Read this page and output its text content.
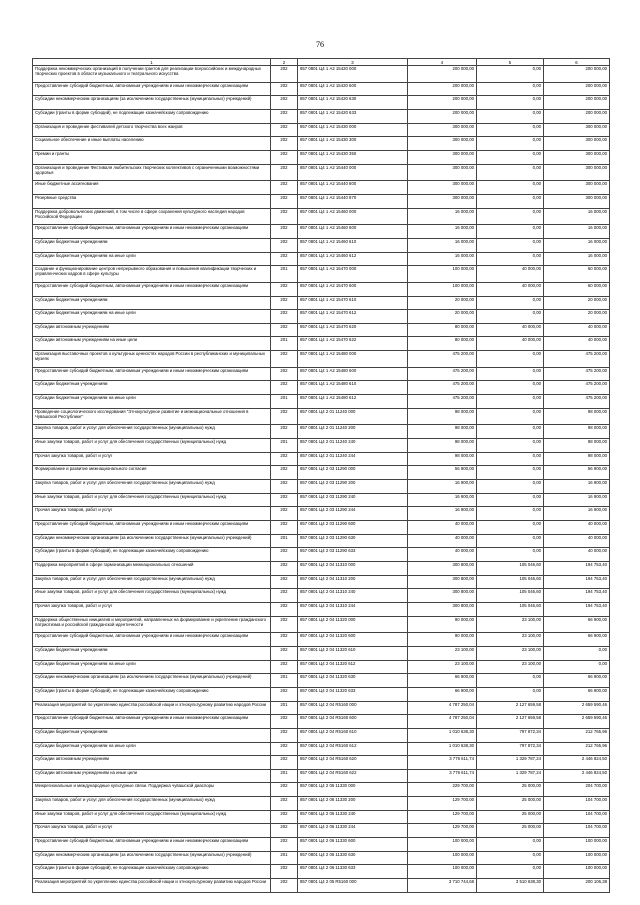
76
1	2	3	4	5	6
Поддержка некоммерческих организаций в получении грантов для реализации всероссийских и международных творческих проектов в области музыкального и театрального искусства	202	857 0801 Ц4 1 А2 15420 000	200 000,00	0,00	200 000,00
Предоставление субсидий бюджетным, автономным учреждениям и иным некоммерческим организациям	202	857 0801 Ц4 1 А2 15420 600	200 000,00	0,00	200 000,00
Субсидии некоммерческим организациям (за исключением государственных (муниципальных) учреждений)	202	857 0801 Ц4 1 А2 15420 630	200 000,00	0,00	200 000,00
Субсидии (гранты в форме субсидий), не подлежащие казначейскому сопровождению	202	857 0801 Ц4 1 А2 15420 633	200 000,00	0,00	200 000,00
Организация и проведение фестивалей детского творчества всех жанров	202	857 0801 Ц4 1 А2 15430 000	300 000,00	0,00	300 000,00
Социальное обеспечение и иные выплаты населению	202	857 0801 Ц4 1 А2 15430 300	300 000,00	0,00	300 000,00
Премии и гранты	202	857 0801 Ц4 1 А2 15430 350	300 000,00	0,00	300 000,00
Организация и проведение Фестиваля любительских творческих коллективов с ограниченными возможностями здоровья	202	857 0801 Ц4 1 А2 15440 000	300 000,00	0,00	300 000,00
Иные бюджетные ассигнования	202	857 0801 Ц4 1 А2 15440 800	300 000,00	0,00	300 000,00
Резервные средства	202	857 0801 Ц4 1 А2 15440 870	300 000,00	0,00	300 000,00
Поддержка добровольческих движений, в том числе в сфере сохранения культурного наследия народов Российской Федерации	202	857 0801 Ц4 1 А2 15460 000	16 000,00	0,00	16 000,00
Предоставление субсидий бюджетным, автономным учреждениям и иным некоммерческим организациям	202	857 0801 Ц4 1 А2 15460 600	16 000,00	0,00	16 000,00
Субсидии бюджетным учреждениям	202	857 0801 Ц4 1 А2 15460 610	16 000,00	0,00	16 000,00
Субсидии бюджетным учреждениям на иные цели	202	857 0801 Ц4 1 А2 15460 612	16 000,00	0,00	16 000,00
Создание и функционирование центров непрерывного образования и повышения квалификации творческих и управленческих кадров в сфере культуры	201	857 0801 Ц4 1 А2 15470 000	100 000,00	40 000,00	60 000,00
Предоставление субсидий бюджетным, автономным учреждениям и иным некоммерческим организациям	202	857 0801 Ц4 1 А2 15470 600	100 000,00	40 000,00	60 000,00
Субсидии бюджетным учреждениям	202	857 0801 Ц4 1 А2 15470 610	20 000,00	0,00	20 000,00
Субсидии бюджетным учреждениям на иные цели	202	857 0801 Ц4 1 А2 15470 612	20 000,00	0,00	20 000,00
Субсидии автономным учреждениям	202	857 0801 Ц4 1 А2 15470 620	80 000,00	40 000,00	40 000,00
Субсидии автономным учреждениям на иные цели	201	857 0801 Ц4 1 А2 15470 622	80 000,00	40 000,00	40 000,00
Организация выставочных проектов о культурных ценностях народов России в республиканских и муниципальных музеях	202	857 0801 Ц4 1 А2 15480 000	475 200,00	0,00	475 200,00
Предоставление субсидий бюджетным, автономным учреждениям и иным некоммерческим организациям	202	857 0801 Ц4 1 А2 15480 600	475 200,00	0,00	475 200,00
Субсидии бюджетным учреждениям	202	857 0801 Ц4 1 А2 15480 610	475 200,00	0,00	475 200,00
Субсидии бюджетным учреждениям на иные цели	201	857 0801 Ц4 1 А2 15480 612	475 200,00	0,00	475 200,00
Проведение социологического исследования "Этнокультурное развитие и межнациональные отношения в Чувашской Республике"	202	857 0801 Ц4 2 01 11240 000	98 000,00	0,00	98 000,00
Закупка товаров, работ и услуг для обеспечения государственных (муниципальных) нужд	202	857 0801 Ц4 2 01 11240 200	98 000,00	0,00	98 000,00
Иные закупки товаров, работ и услуг для обеспечения государственных (муниципальных) нужд	201	857 0801 Ц4 2 01 11240 240	98 000,00	0,00	98 000,00
Прочая закупка товаров, работ и услуг	202	857 0801 Ц4 2 01 11240 244	98 000,00	0,00	98 000,00
Формирование и развитие межнационального согласия	202	857 0801 Ц4 2 03 11290 000	56 900,00	0,00	56 900,00
Закупка товаров, работ и услуг для обеспечения государственных (муниципальных) нужд	202	857 0801 Ц4 2 03 11290 200	16 900,00	0,00	16 900,00
Иные закупки товаров, работ и услуг для обеспечения государственных (муниципальных) нужд	202	857 0801 Ц4 2 03 11290 240	16 900,00	0,00	16 900,00
Прочая закупка товаров, работ и услуг	202	857 0801 Ц4 2 03 11290 244	16 900,00	0,00	16 900,00
Предоставление субсидий бюджетным, автономным учреждениям и иным некоммерческим организациям	202	857 0801 Ц4 2 03 11290 600	40 000,00	0,00	40 000,00
Субсидии некоммерческим организациям (за исключением государственных (муниципальных) учреждений)	201	857 0801 Ц4 2 03 11290 630	40 000,00	0,00	40 000,00
Субсидии (гранты в форме субсидий), не подлежащие казначейскому сопровождению	202	857 0801 Ц4 2 03 11290 633	40 000,00	0,00	40 000,00
Поддержка мероприятий в сфере гармонизации межнациональных отношений	202	857 0801 Ц4 2 04 11310 000	300 800,00	105 046,60	194 753,40
Закупка товаров, работ и услуг для обеспечения государственных (муниципальных) нужд	202	857 0801 Ц4 2 04 11310 200	300 800,00	105 046,60	194 753,40
Иные закупки товаров, работ и услуг для обеспечения государственных (муниципальных) нужд	202	857 0801 Ц4 2 04 11310 240	300 800,00	105 046,60	194 753,40
Прочая закупка товаров, работ и услуг	202	857 0801 Ц4 2 04 11310 244	300 800,00	105 046,60	194 753,40
Поддержка общественных инициатив и мероприятий, направленных на формирование и укрепление гражданского патриотизма и российской гражданской идентичности	202	857 0801 Ц4 2 04 11320 000	90 000,00	23 100,00	66 900,00
Предоставление субсидий бюджетным, автономным учреждениям и иным некоммерческим организациям	202	857 0801 Ц4 2 04 11320 600	90 000,00	23 100,00	66 900,00
Субсидии бюджетным учреждениям	202	857 0801 Ц4 2 04 11320 610	23 100,00	23 100,00	0,00
Субсидии бюджетным учреждениям на иные цели	202	857 0801 Ц4 2 04 11320 612	23 100,00	23 100,00	0,00
Субсидии некоммерческим организациям (за исключением государственных (муниципальных) учреждений)	201	857 0801 Ц4 2 04 11320 630	66 900,00	0,00	66 900,00
Субсидии (гранты в форме субсидий), не подлежащие казначейскому сопровождению	202	857 0801 Ц4 2 04 11320 633	66 900,00	0,00	66 900,00
Реализация мероприятий по укреплению единства российской нации и этнокультурному развитию народов России	201	857 0801 Ц4 2 04 R5160 000	4 787 250,04	2 127 659,58	2 659 590,46
Предоставление субсидий бюджетным, автономным учреждениям и иным некоммерческим организациям	202	857 0801 Ц4 2 04 R5160 600	4 787 250,04	2 127 659,58	2 659 590,46
Субсидии бюджетным учреждениям	202	857 0801 Ц4 2 04 R5160 610	1 010 638,30	797 872,34	212 765,96
Субсидии бюджетным учреждениям на иные цели	202	857 0801 Ц4 2 04 R5160 612	1 010 638,30	797 872,34	212 765,96
Субсидии автономным учреждениям	202	857 0801 Ц4 2 04 R5160 620	3 776 611,74	1 329 787,24	2 446 824,50
Субсидии автономным учреждениям на иные цели	201	857 0801 Ц4 2 04 R5160 622	3 776 611,74	1 329 787,24	2 446 824,50
Межрегиональные и международные культурные связи. Поддержка чувашской диаспоры	202	857 0801 Ц4 2 06 11330 000	229 700,00	25 000,00	204 700,00
Закупка товаров, работ и услуг для обеспечения государственных (муниципальных) нужд	202	857 0801 Ц4 2 06 11330 200	129 700,00	25 000,00	104 700,00
Иные закупки товаров, работ и услуг для обеспечения государственных (муниципальных) нужд	202	857 0801 Ц4 2 06 11330 240	129 700,00	25 000,00	104 700,00
Прочая закупка товаров, работ и услуг	202	857 0801 Ц4 2 06 11330 244	129 700,00	25 000,00	104 700,00
Предоставление субсидий бюджетным, автономным учреждениям и иным некоммерческим организациям	202	857 0801 Ц4 2 06 11330 600	100 000,00	0,00	100 000,00
Субсидии некоммерческим организациям (за исключением государственных (муниципальных) учреждений)	201	857 0801 Ц4 2 06 11330 630	100 000,00	0,00	100 000,00
Субсидии (гранты в форме субсидий), не подлежащие казначейскому сопровождению	202	857 0801 Ц4 2 06 11330 633	100 000,00	0,00	100 000,00
Реализация мероприятий по укреплению единства российской нации и этнокультурному развитию народов России	202	857 0801 Ц4 2 05 R5160 000	3 710 744,68	3 510 638,30	200 106,38
